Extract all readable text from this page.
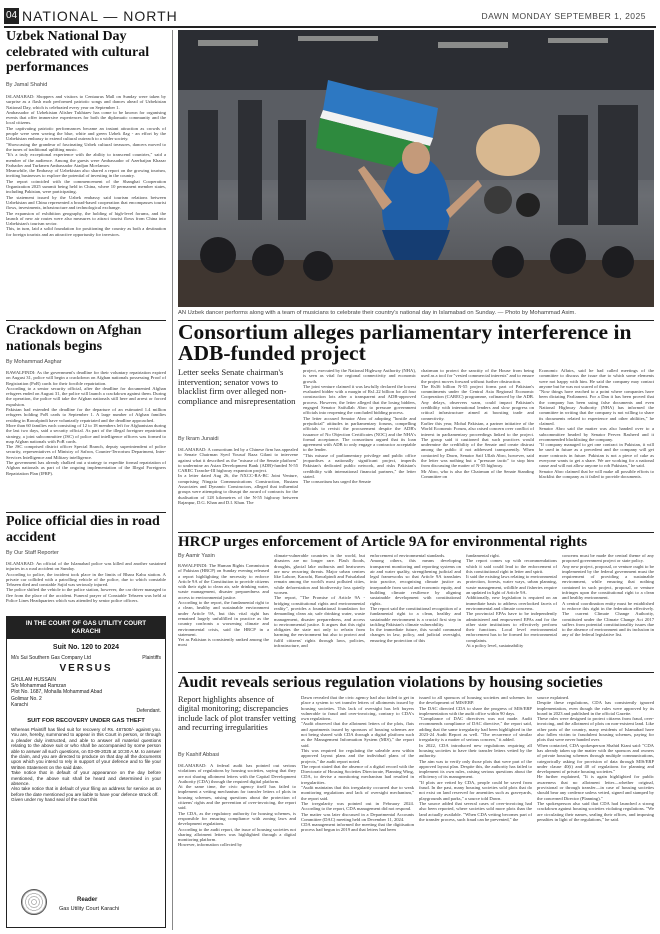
04 NATIONAL — NORTH	DAWN MONDAY SEPTEMBER 1, 2025
Uzbek National Day celebrated with cultural performances
By Jamal Shahid
ISLAMABAD: Shoppers and visitors to Centaurus Mall on Sunday were taken by surprise as a flash mob performed patriotic songs and dances ahead of Uzbekistan National Day, which is celebrated every year on September 1.
Ambassador of Uzbekistan Alisher Tukhtaev has come to be known for organising events that offer immersive experiences for both the diplomatic community and the local citizens.
The captivating patriotic performances became an instant attraction as crowds of people were seen waving the blue, white and green Uzbek flag - an effort by the Uzbekistan embassy to extend cultural outreach to a wider society.
"Showcasing the grandeur of fascinating Uzbek cultural treasures, dancers moved to the tunes of traditional uplifting music.
"It's a truly exceptional experience with the ability to transcend countries," said a member of the audience. Among the guests were Ambassador of Azerbaijan Khazar Farhadov and Turkmen Ambassador Atadjan Movlamov.
Meanwhile, the Embassy of Uzbekistan also shared a report on the growing tourism, inviting businesses to explore the potential of investing in the country.
The report coincided with the commencement of the Shanghai Cooperation Organization 2025 summit being held in China, where 10 permanent member states, including Pakistan, were participating.
The statement issued by the Uzbek embassy said tourism relations between Uzbekistan and China represented a broad-based cooperation that encompasses tourist flows, investments, infrastructure and technological exchange.
The expansion of exhibition geography, the holding of high-level forums, and the launch of new air routes were also measures to attract tourist flows from China into Uzbekistan's tourism sector.
This, in turn, laid a solid foundation for positioning the country as both a destination for foreign tourists and an attractive opportunity for investors.
Crackdown on Afghan nationals begins
By Mohammad Asghar
RAWALPINDI: As the government's deadline for their voluntary repatriation expired on August 31, police will begin a crackdown on Afghan nationals possessing Proof of Registration (PoR) cards for their forcible repatriation.
According to a senior security official, after the deadline for documented Afghan refugees ended on August 31, the police will launch a crackdown against them. During the operation, the police will take the Afghan nationals still here and arrest or forced expulsion.
Pakistan had extended the deadline for the departure of an estimated 1.4 million refugees holding PoR cards to September 1. A large number of Afghan families residing in Rawalpindi have voluntarily repatriated and the deadline approached.
More than 60 families each consisting of 12 to 18 members left for Afghanistan during the last two days, said a security official. As part of the illegal foreigner repatriation strategy, a joint subcommittee (JSC) of police and intelligence officers was formed to map Afghan nationals with PoR cards.
The JSC comprised district officer Special Branch, deputy superintendent of police security, representatives of Ministry of Safron, Counter-Terrorism Department, Inter-Services Intelligence and Military intelligence.
The government has already chalked out a strategy to expedite formal repatriation of Afghan nationals as part of the ongoing implementation of the Illegal Foreigners Repatriation Plan (IFRP).
Police official dies in road accident
By Our Staff Reporter
ISLAMABAD: An official of the Islamabad police was killed and another sustained injuries in a road accident on Sunday.
According to police, the incident took place in the limits of Bhara Kahu station. A private car collided with a patrolling vehicle of the police, due to which constable Tehseen died and constable Sajid was seriously injured.
The police shifted the vehicle to the police station, however, the car driver managed to flee from the place of the accident. Funeral prayer of Constable Tehseen was held at Police Lines Headquarters which was attended by senior police officers.
IN THE COURT OF GAS UTILITY COURT KARACHI
Suit No. 120 to 2024
M/s Sui Southern Gas Company Ltd	Plaintiffs
VERSUS
GHULAM HUSSAIN
S/o Mohammad Ramzan
Plot No. 1687, Mohalla Mohammad Abad
Golimar No. 2
Karachi
Defendant.
SUIT FOR RECOVERY UNDER GAS THEFT
Whereas Plaintiff has filed suit for recovery of Rs. 487500/- against you. You are, hereby, summoned to appear in this Court in person, or through a pleader duly instructed, and able to answer all material questions relating to the above suit or who shall be accompanied by some person able to answer all such questions, on 03-09-2025 at 10:30 A.M. to answer the claim, and you are directed to produce on that day all the documents upon which you intend to rely in support of your defence and to file your Written Statement on the said date.
Take notice that in default of your appearance on the day before mentioned, the above suit shall be heard and determined in your absence.
Also take notice that in default of your filing an address for service as on before the date mentioned you are liable to have your defence struck off.
Given under my hand seal of the court this
Reader
Gas Utility Court Karachi
AN Uzbek dancer performs along with a team of musicians to celebrate their country's national day in Islamabad on Sunday. — Photo by Mohammad Asim.
Consortium alleges parliamentary interference in ADB-funded project
Letter seeks Senate chairman's intervention; senator vows to blacklist firm over alleged non-compliance and misrepresentation
By Ikram Junaidi
ISLAMABAD: A consortium led by a Chinese firm has appealed to Senate Chairman Syed Yousuf Raza Gilani to intervene against what it described as the "misuse of the Senate platform" to undermine an Asian Development Bank (ADB)-funded N-55 CAREC Tranche-III highway expansion project.
In a letter dated Aug 26, the NXCC-RA-BC Joint Venture, comprising Ningxia Communications Construction, Rustam Associates and Dynamic Constructors, alleged that influential groups were attempting to disrupt the award of contracts for the dualisation of 128 kilometres of the N-55 highway between Rajanpur, D.G. Khan and D.I. Khan. The
project, executed by the National Highway Authority (NHA), is seen as vital for regional connectivity and economic growth.
The joint venture claimed it was lawfully declared the lowest evaluated bidder with a margin of Rs1.22 billion for all four construction lots after a transparent and ADB-approved process. However, the letter alleged that the losing bidders, engaged Senator Saifullah Abro to pressure government officials into reopening the concluded bidding process.
The letter accused Senator Abro of adopting "hostile and prejudicial" attitudes in parliamentary forums, compelling officials to revisit the procurement despite the ADB's issuance of No Objection Certificates (NOC) and the NHA's formal acceptance. The consortium argued that its loan agreement with ADB to only engage a contractor acceptable to the lender.
"This misuse of parliamentary privilege and public office jeopardises a nationally significant project, imperils Pakistan's dedicated public network, and risks Pakistan's credibility with international financial partners," the letter stated.
The consortium has urged the Senate
chairman to protect the sanctity of the House from being used as a tool for "vested commercial interests" and to ensure the project moves forward without further obstruction.
The Rs36 billion N-55 project forms part of Pakistan's commitments under the Central Asia Regional Economic Cooperation (CAREC) programme, cofinanced by the ADB. Any delays, observers warn, could impact Pakistan's credibility with international lenders and slow progress on critical infrastructure aimed at boosting trade and connectivity.
Earlier this year, Mohal Pakistan, a partner initiative of the World Economic Forum, also raised concern over conflict of interest in parliamentary proceedings linked to the project. The group said it cautioned that such practices would undermine the credibility of the Senate and create distrust among the public if not addressed transparently. When contacted by Dawn, Senator Saif Ullah Abro, however, said the letter was nothing but a "pressure tactic" to stop him from discussing the matter of N-55 highway.
Mr Abro, who is also the Chairman of the Senate Standing Committee on
Economic Affairs, said he had called meetings of the committee to discuss the issue due to which some elements were not happy with him. He said the company may contact anyone but he was not scared of them.
"Now things have reached to a point where companies have been dictating Parliament. For a Dan it has been proved that the company has been using false documents and even National Highway Authority (NHA) has informed the committee in writing that the company is not willing to share its documents related to experience and other abilities," he claimed.
Senator Abro said the matter was also handed over to a subcommittee headed by Senator Pervez Rasheed and it recommended blacklisting the company.
"If company managed to get one contract in Pakistan, it will be used in future as a precedent and the company will get more contracts in future. Pakistan is not a piece of cake as everyone wants to get a share. We are working for a national cause and will not allow anyone to rob Pakistan," he said.
Senator Abro claimed that he will make all possible efforts to blacklist the company as it failed to provide documents.
HRCP urges enforcement of Article 9A for environmental rights
By Aamir Yasin
RAWALPINDI: The Human Rights Commission of Pakistan (HRCP) on Sunday evening released a report highlighting the necessity to enforce Article 9A of the Constitution to provide citizens with their right to clean air, safe drinking water, waste management, disaster preparedness and access to environmental justice.
According to the report, the fundamental right to a clean, healthy and sustainable environment under Article 9A, but this vital right has remained largely unfulfilled in practice as the country confronts a worsening climate and environmental crisis, said the HRCP in a statement.
Yet as Pakistan is consistently ranked among the most
climate-vulnerable countries in the world, but disasters are no longer rare. Flash floods, droughts, glacial lake outbursts and heatwaves are now recurring threats. Major urban centres like Lahore, Karachi, Rawalpindi and Faisalabad remain among the world's most polluted cities, while deforestation and biodiversity loss quietly worsen.
The report, "The Promise of Article 9A - bridging constitutional rights and environmental reality", provides a foundational foundation for demanding clean air, safe drinking water, waste management, disaster preparedness, and access to environmental justice. It argues that this right obligates the state not only to refrain from harming the environment but also to protect and fulfil citizens' rights through laws, policies, infrastructure, and
enforcement of environmental standards.
Among others, this means developing transparent monitoring and reporting systems on air and water quality, strengthening judicial and legal frameworks so that Article 9A translates into practice, recognising climate justice as inseparable from social and economic equity, and building climate resilience by aligning sustainable development with constitutional rights.
The report said the constitutional recognition of a fundamental right to a clean, healthy and sustainable environment is a crucial first step in tackling Pakistan's climate vulnerability.
In the immediate future, this would command changes in law, policy, and judicial oversight, ensuring the protection of this
fundamental right.
The report comes up with recommendations which it said could lead to the enforcement of this constitutional right in letter and spirit.
It said the existing laws relating to environmental protection, forests, water ways, urban planning, waste management, wildlife and fisheries require an updated in light of Article 9A.
Additionally, new legislation is required on an immediate basis to address overlooked facets of environmental and climate concerns.
The provincial EPAs have to be independently administered and empowered EPAs and for the other state institutions to effectively perform their functions. Local level environmental enforcement has to be formed for environmental complaints.
At a policy level, sustainability
concerns must be made the central theme of any proposed government project or state policy.
Any new project, proposal, or venture ought to be implemented by the federal government must the requirement of providing a sustainable environment, while ensuring that nothing contained in such project, proposal, or venture infringes upon the constitutional right to a clean and healthy environment.
A central coordination entity must be established to enforce this right in the federation effectively. The current Climate Change Authority, constituted under the Climate Change Act 2017 suffers from potential constitutionality issues due to the absence of environment and its inclusion in any of the federal legislative list.
Audit reveals serious regulation violations by housing societies
Report highlights absence of digital monitoring; discrepancies include lack of plot transfer vetting and recurring irregularities
By Kashif Abbasi
ISLAMABAD: A federal audit has pointed out serious violations of regulations by housing societies, saying that they are not sharing allotment letters with the Capital Development Authority (CDA) through the required digital platform.
At the same time, the civic agency itself has failed to implement a vetting mechanism for transfer letters of plots in housing schemes, raising questions about the protection of citizens' rights and the prevention of over-invoicing, the report said.
The CDA, as the regulatory authority for housing schemes, is responsible for ensuring compliance with zoning laws and development regulations.
According to the audit report, the issue of housing societies not sharing allotment letters was highlighted through a digital monitoring platform.
However, information collected by
Dawn revealed that the civic agency had also failed to get in place a system to vet transfer letters of allotments issued by housing societies. This lack of oversight has left buyers vulnerable to fraud and over-invoicing, contrary to CDA's own regulations.
"Audit observed that the allotment letters of the plots, flats and apartments issued by sponsors of housing schemes are not being shared with CDA through a digital platform such as the Management Information System (MIS)," the report said.
This was required for regulating the saleable area within approved layout plans and the individual plans of the projects," the audit report noted.
The report stated that the absence of a digital record with the Directorate of Housing Societies Directorate, Planning Wing, CDA, to devise a monitoring mechanism had resulted in irregularities.
"Audit maintains that this irregularity occurred due to weak monitoring regulations and lack of oversight mechanism," the report said.
The irregularity was pointed out in February 2024. According to the report, CDA management did not respond.
The matter was later discussed in a Departmental Accounts Committee (DAC) meeting held on December 11, 2024.
CDA management informed the meeting that the digitisation process had begun in 2019 and that letters had been
issued to all sponsors of housing societies and schemes for the development of MIS/ERP.
The DAC directed CDA to share the progress of MIS/ERP implementation with the audit office within 90 days.
"Compliance of DAC directives was not made. Audit recommends compliance of DAC directive," the report said, adding that the same irregularity had been highlighted in the 2023-24 Audit Report as well. "The recurrence of similar irregularity is a matter of serious concern," it added.
In 2022, CDA introduced new regulations requiring all housing societies to have their transfer letters vetted by the authority.
The aim was to verify only those plots that were part of the approved layout plan. Despite this, the authority has failed to implement its own rules, raising serious questions about the efficiency of its management.
"If plots are vetted by CDA, people could be saved from fraud. In the past, many housing societies sold plots that do not exist on land reserved for amenities such as graveyards, playgrounds and parks," a source told Dawn.
The source added that several cases of over-invoicing had also been reported, where societies sold more plots than the land actually available. "When CDA vetting becomes part of the transfer process, such fraud can be prevented," the
source explained.
Despite these regulations, CDA has consistently ignored implementation, even though the rules were approved by its board in 2023 and published in the official Gazette.
These rules were designed to protect citizens from fraud, over-invoicing, and the allotment of plots on non-existent land. Like other parts of the country, many residents of Islamabad have also fallen victim to fraudulent housing schemes, paying for plots that were never handed over.
When contacted, CDA spokesperson Shahid Kiani said: "CDA has already taken up the matter with the sponsors and owners of private housing schemes through multiple communications, categorically asking for provision of data through MIS/ERP under clause 40(i) and 40 of regulations for planning and development of private housing societies."
He further explained, "It is again highlighted for public awareness that no allotment letter—whether original, provisional or through transfer—in case of housing societies should bear any credence unless vetted, signed and stamped by the concerned Director (Planning)."
The spokesperson also said that CDA had launched a strong crackdown against housing societies violating regulations. "We are circulating their names, sealing their offices, and imposing penalties in light of the regulations," he said.
